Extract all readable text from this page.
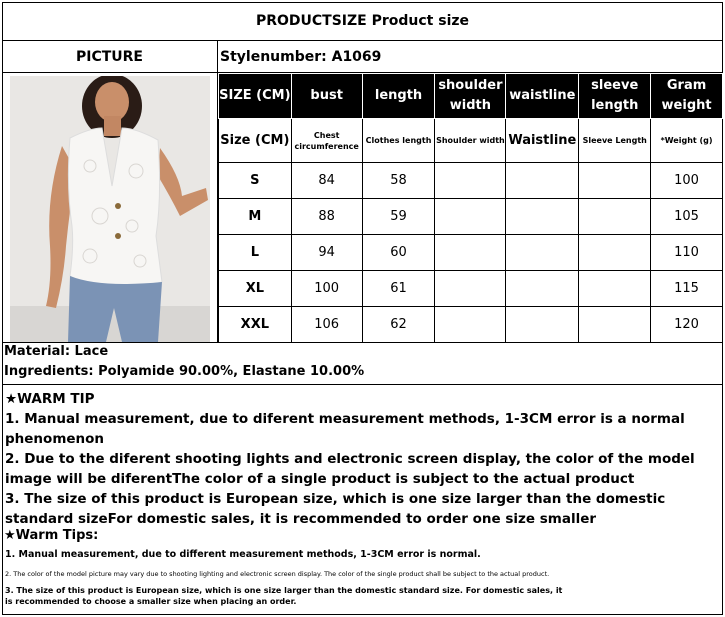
PRODUCTSIZE Product size
PICTURE	Stylenumber: A1069
SIZE (CM)	bust	length	shoulder width	waistline	sleeve length	Gram weight
Size (CM)	Chest circumference	Clothes length	Shoulder width	Waistline	Sleeve Length	*Weight (g)
S	84	58				100
M	88	59				105
L	94	60				110
XL	100	61				115
XXL	106	62				120
Material: Lace
Ingredients: Polyamide 90.00%, Elastane 10.00%

★WARM TIP

1. Manual measurement, due to diferent measurement methods, 1-3CM error is a normal phenomenon

2. Due to the diferent shooting lights and electronic screen display, the color of the model image will be diferentThe color of a single product is subject to the actual product

3. The size of this product is European size, which is one size larger than the domestic standard sizeFor domestic sales, it is recommended to order one size smaller

★Warm Tips:
1. Manual measurement, due to different measurement methods, 1-3CM error is normal.
2. The color of the model picture may vary due to shooting lighting and electronic screen display. The color of the single product shall be subject to the actual product.
3. The size of this product is European size, which is one size larger than the domestic standard size. For domestic sales, it is recommended to choose a smaller size when placing an order.
